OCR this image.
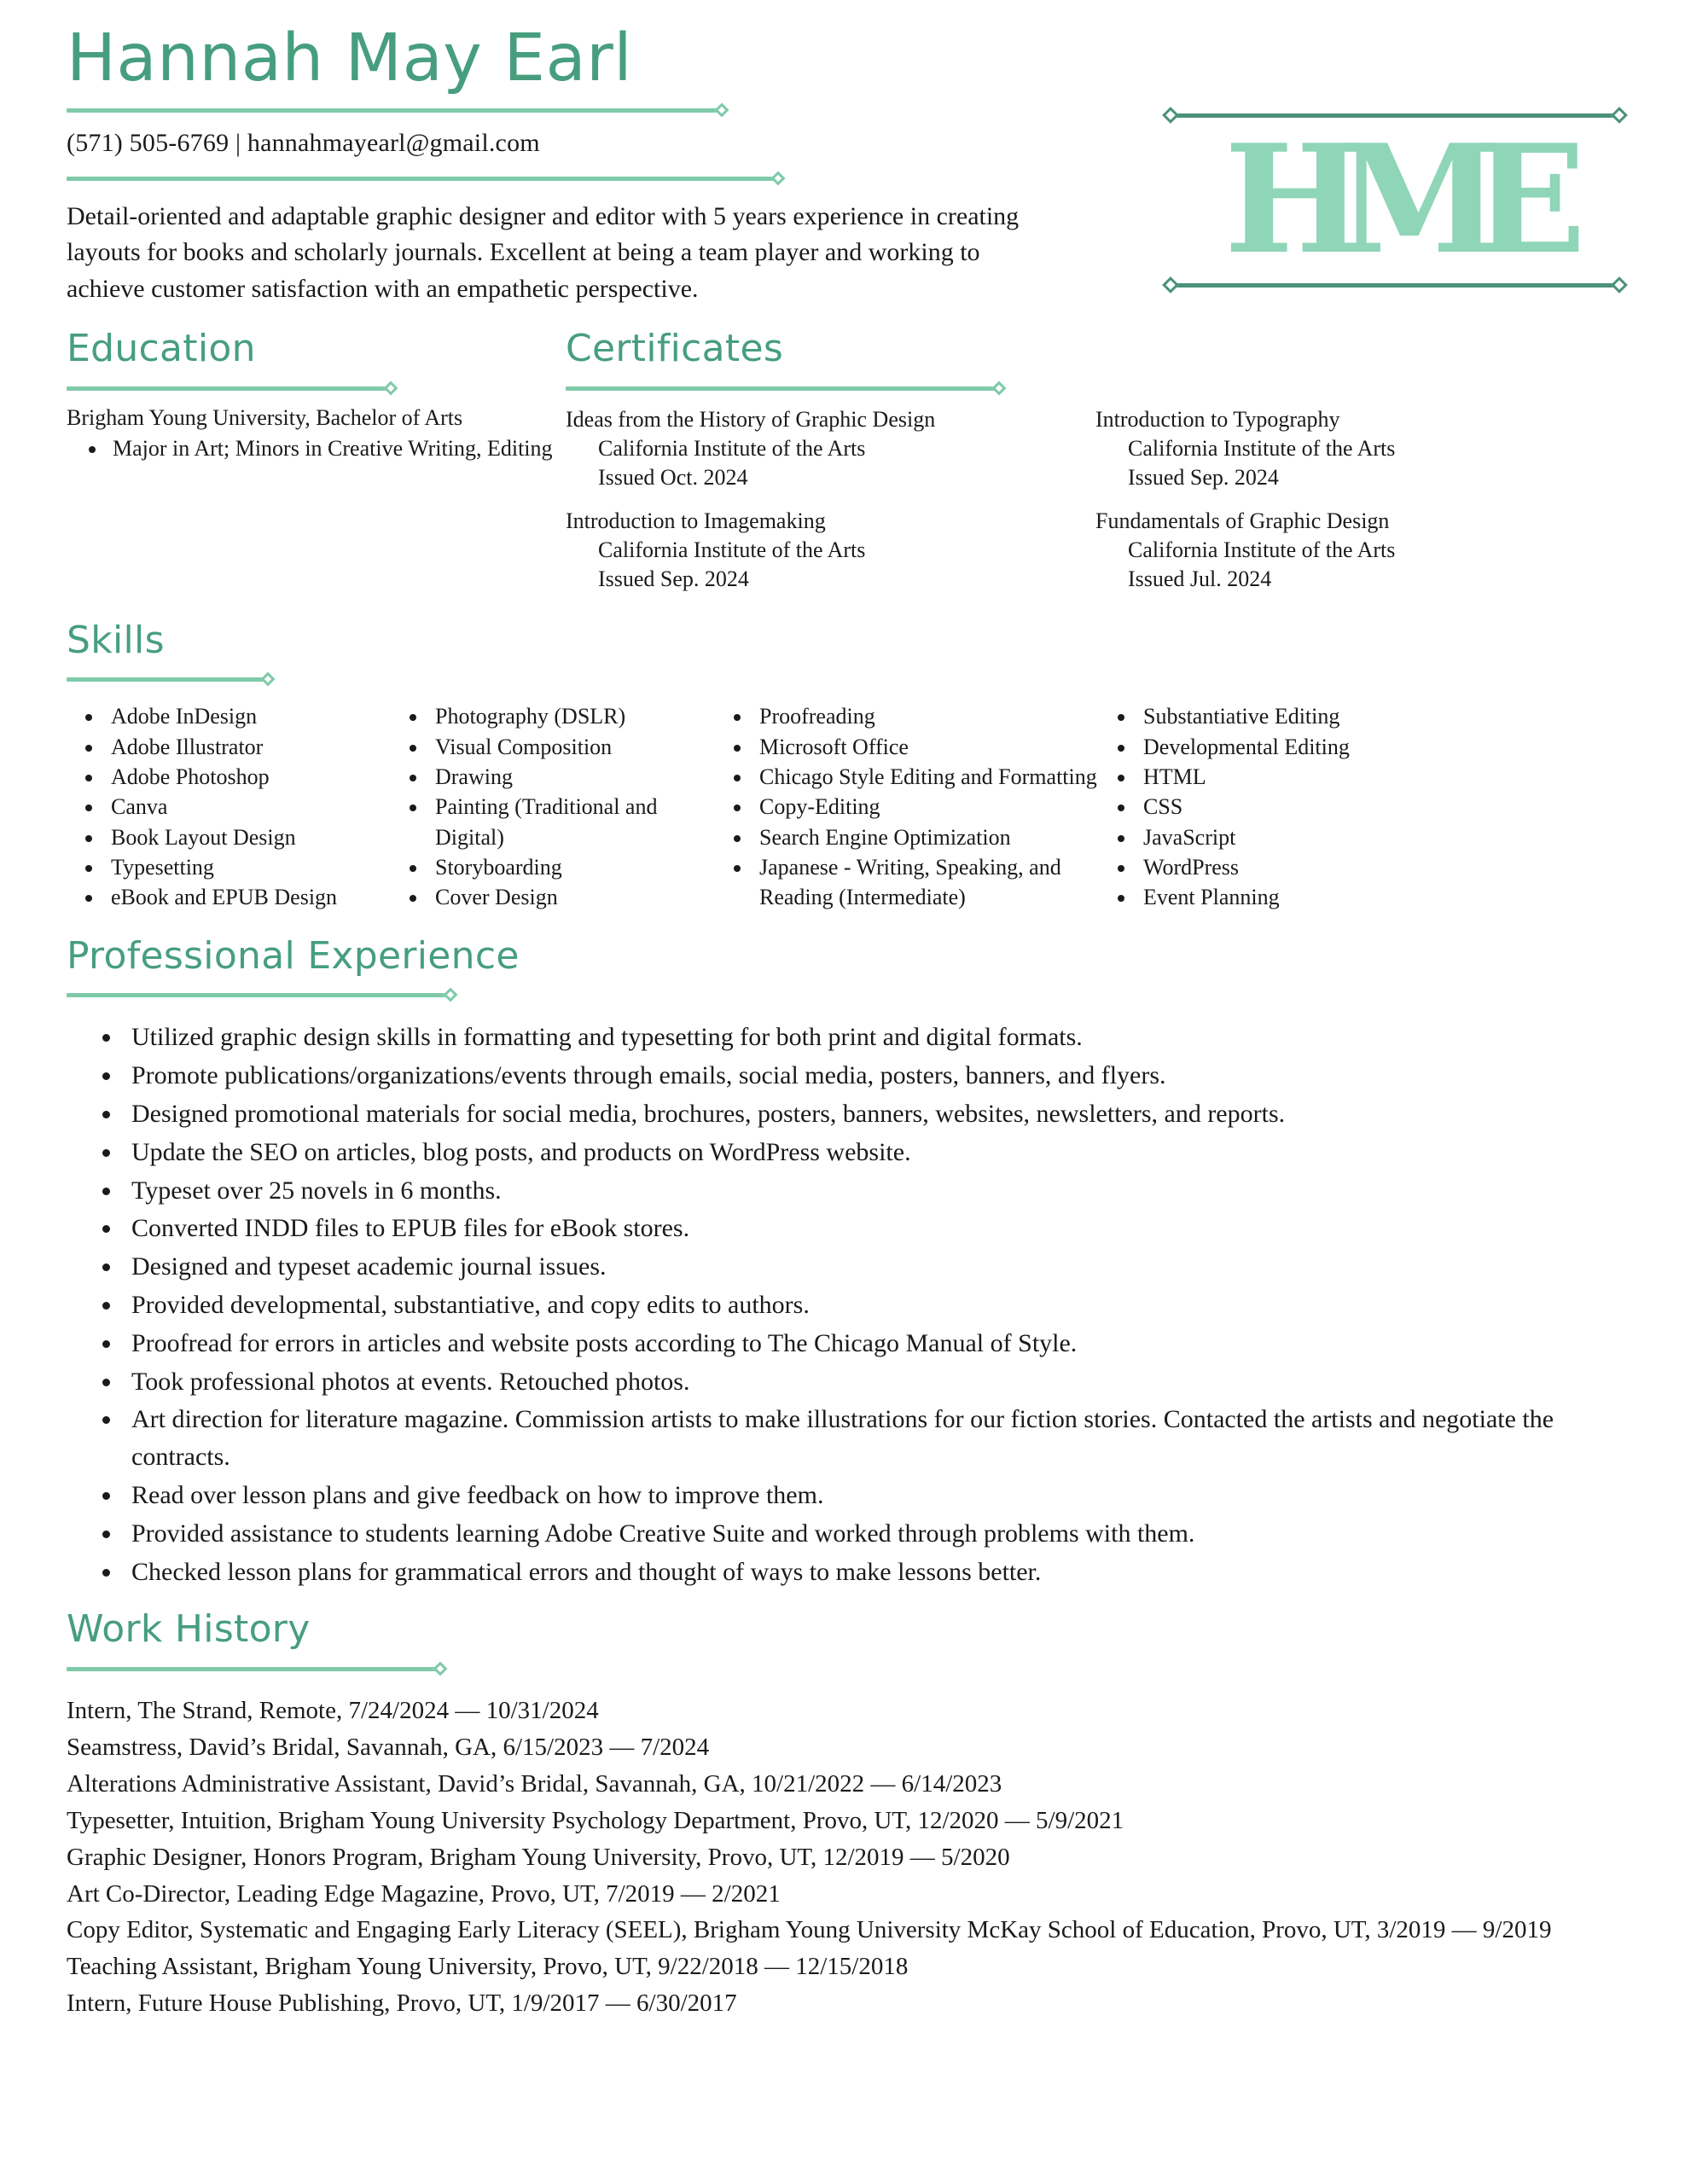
Hannah May Earl
(571) 505-6769 | hannahmayearl@gmail.com
Detail-oriented and adaptable graphic designer and editor with 5 years experience in creating layouts for books and scholarly journals. Excellent at being a team player and working to achieve customer satisfaction with an empathetic perspective.
HME
Education
Brigham Young University, Bachelor of Arts
• Major in Art; Minors in Creative Writing, Editing
Certificates
Ideas from the History of Graphic Design
California Institute of the Arts
Issued Oct. 2024
Introduction to Imagemaking
California Institute of the Arts
Issued Sep. 2024
Introduction to Typography
California Institute of the Arts
Issued Sep. 2024
Fundamentals of Graphic Design
California Institute of the Arts
Issued Jul. 2024
Skills
• Adobe InDesign
• Adobe Illustrator
• Adobe Photoshop
• Canva
• Book Layout Design
• Typesetting
• eBook and EPUB Design
• Photography (DSLR)
• Visual Composition
• Drawing
• Painting (Traditional and Digital)
• Storyboarding
• Cover Design
• Proofreading
• Microsoft Office
• Chicago Style Editing and Formatting
• Copy-Editing
• Search Engine Optimization
• Japanese - Writing, Speaking, and Reading (Intermediate)
• Substantiative Editing
• Developmental Editing
• HTML
• CSS
• JavaScript
• WordPress
• Event Planning
Professional Experience
• Utilized graphic design skills in formatting and typesetting for both print and digital formats.
• Promote publications/organizations/events through emails, social media, posters, banners, and flyers.
• Designed promotional materials for social media, brochures, posters, banners, websites, newsletters, and reports.
• Update the SEO on articles, blog posts, and products on WordPress website.
• Typeset over 25 novels in 6 months.
• Converted INDD files to EPUB files for eBook stores.
• Designed and typeset academic journal issues.
• Provided developmental, substantiative, and copy edits to authors.
• Proofread for errors in articles and website posts according to The Chicago Manual of Style.
• Took professional photos at events. Retouched photos.
• Art direction for literature magazine. Commission artists to make illustrations for our fiction stories. Contacted the artists and negotiate the contracts.
• Read over lesson plans and give feedback on how to improve them.
• Provided assistance to students learning Adobe Creative Suite and worked through problems with them.
• Checked lesson plans for grammatical errors and thought of ways to make lessons better.
Work History
Intern, The Strand, Remote, 7/24/2024 — 10/31/2024
Seamstress, David’s Bridal, Savannah, GA, 6/15/2023 — 7/2024
Alterations Administrative Assistant, David’s Bridal, Savannah, GA, 10/21/2022 — 6/14/2023
Typesetter, Intuition, Brigham Young University Psychology Department, Provo, UT, 12/2020 — 5/9/2021
Graphic Designer, Honors Program, Brigham Young University, Provo, UT, 12/2019 — 5/2020
Art Co-Director, Leading Edge Magazine, Provo, UT, 7/2019 — 2/2021
Copy Editor, Systematic and Engaging Early Literacy (SEEL), Brigham Young University McKay School of Education, Provo, UT, 3/2019 — 9/2019
Teaching Assistant, Brigham Young University, Provo, UT, 9/22/2018 — 12/15/2018
Intern, Future House Publishing, Provo, UT, 1/9/2017 — 6/30/2017
